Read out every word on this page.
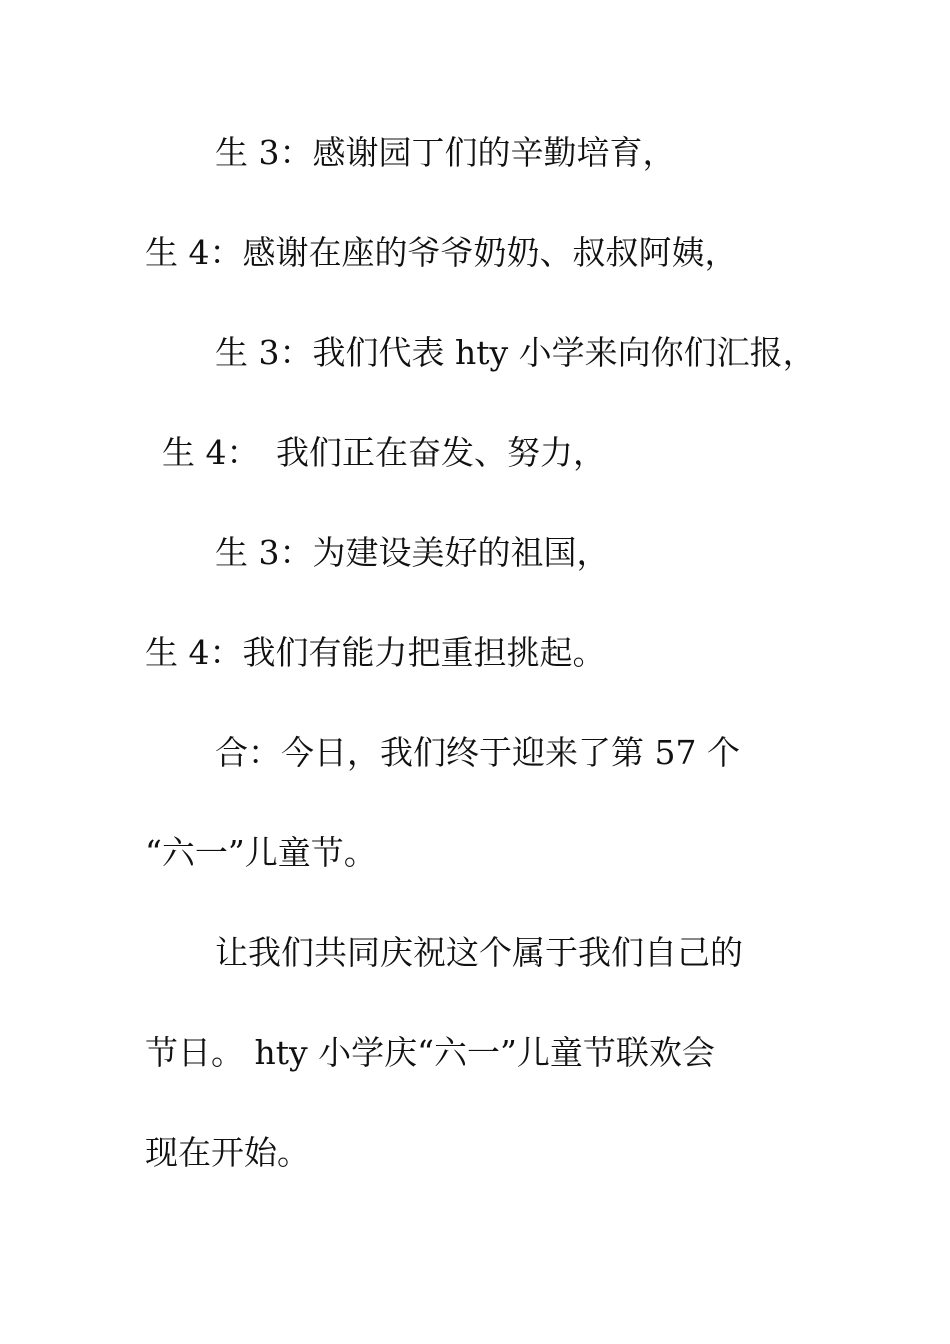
生 3：感谢园丁们的辛勤培育，
生 4：感谢在座的爷爷奶奶、叔叔阿姨，
生 3：我们代表 hty 小学来向你们汇报，
生 4：　我们正在奋发、努力，
生 3：为建设美好的祖国，
生 4：我们有能力把重担挑起。
合：今日，我们终于迎来了第 57 个
“六一”儿童节。
让我们共同庆祝这个属于我们自己的
节日。 hty 小学庆“六一”儿童节联欢会
现在开始。
